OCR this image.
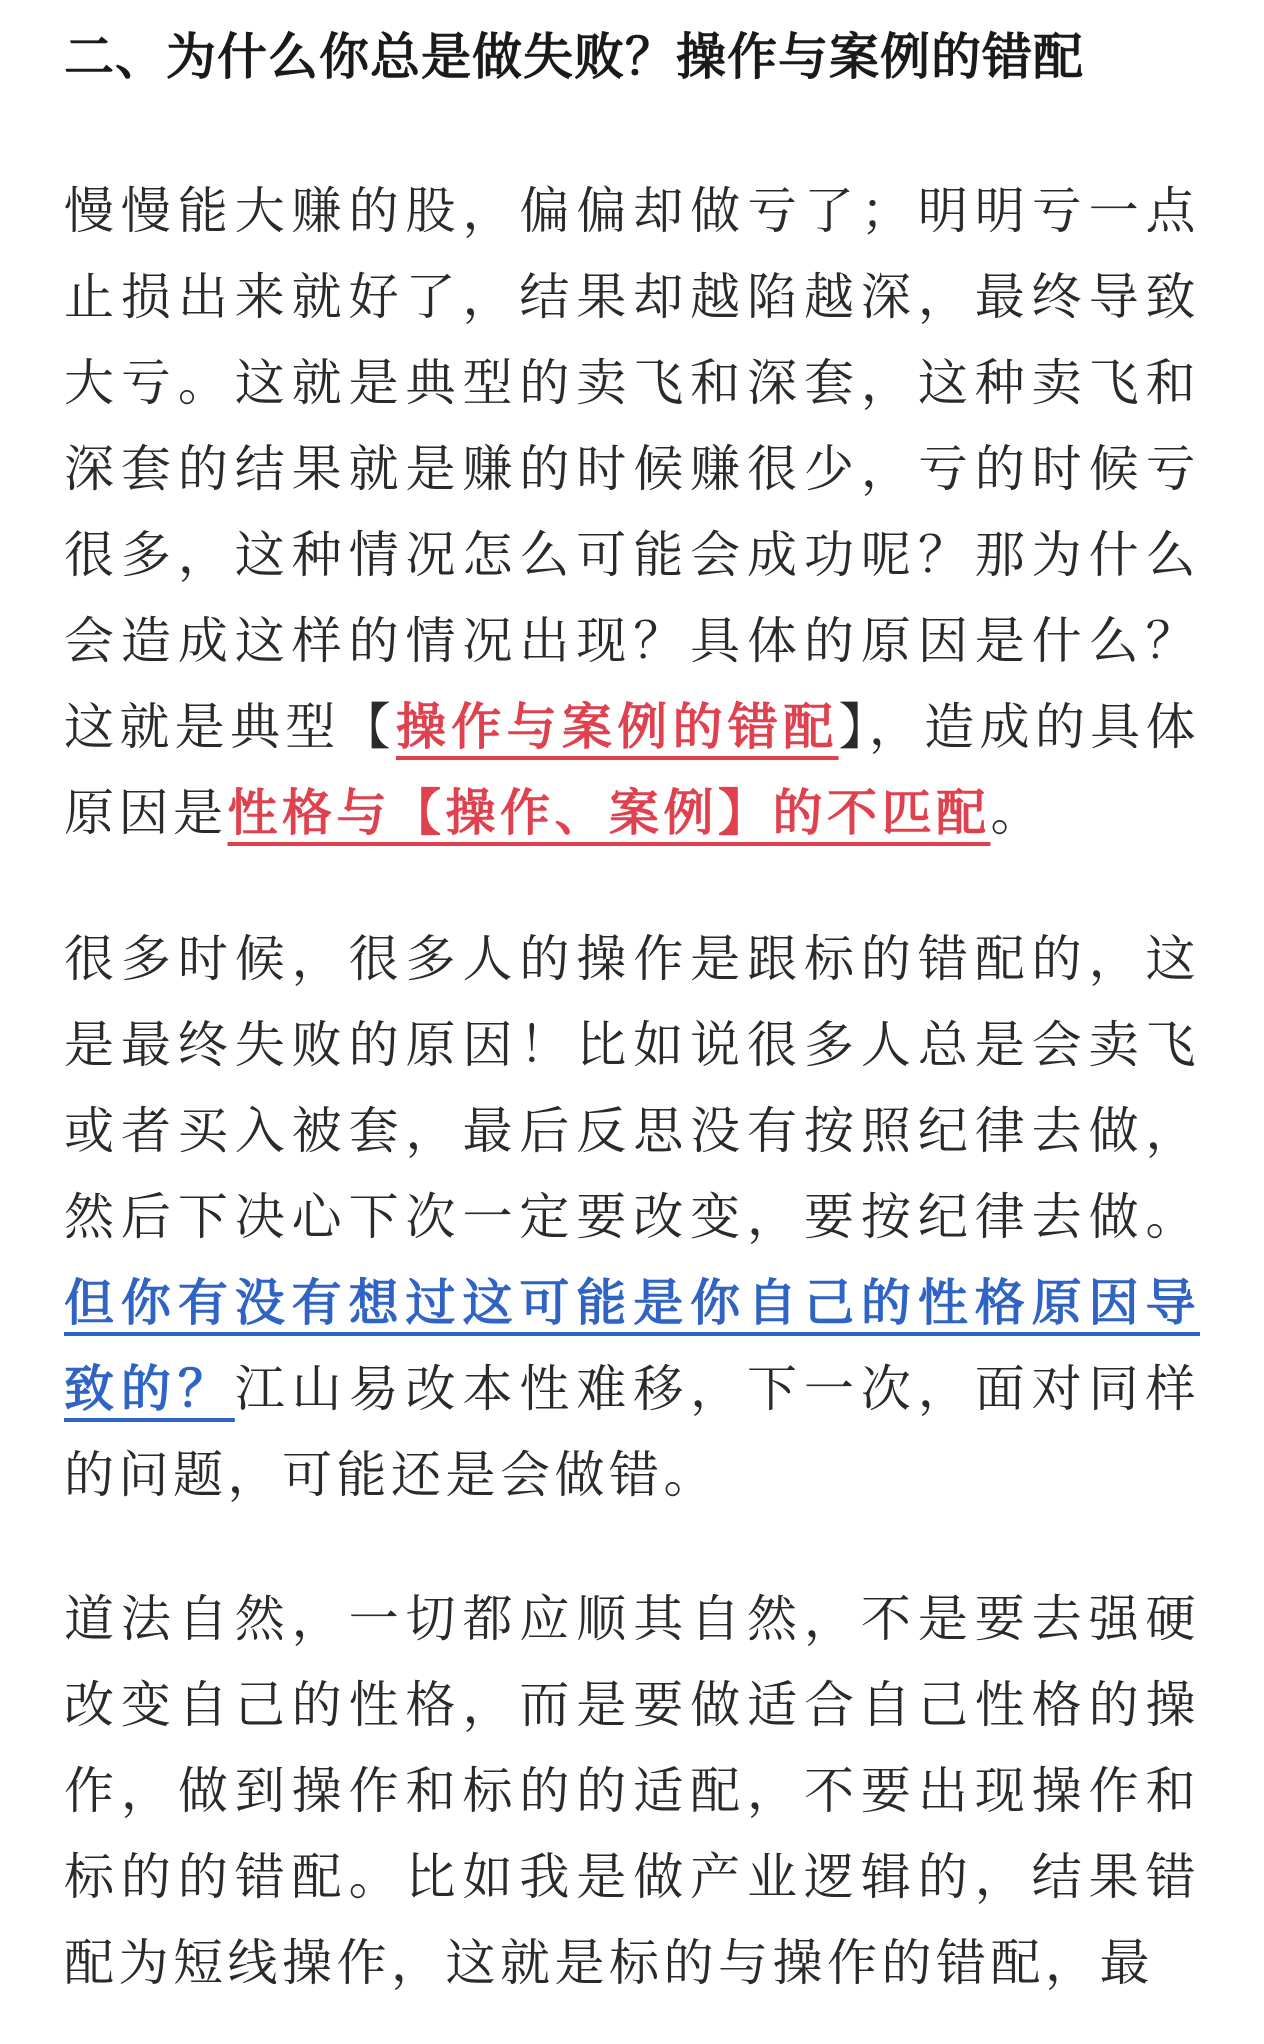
二、为什么你总是做失败？操作与案例的错配

慢慢能大赚的股，偏偏却做亏了；明明亏一点止损出来就好了，结果却越陷越深，最终导致大亏。这就是典型的卖飞和深套，这种卖飞和深套的结果就是赚的时候赚很少，亏的时候亏很多，这种情况怎么可能会成功呢？那为什么会造成这样的情况出现？具体的原因是什么？这就是典型【操作与案例的错配】，造成的具体原因是性格与【操作、案例】的不匹配。

很多时候，很多人的操作是跟标的错配的，这是最终失败的原因！比如说很多人总是会卖飞或者买入被套，最后反思没有按照纪律去做，然后下决心下次一定要改变，要按纪律去做。但你有没有想过这可能是你自己的性格原因导致的？江山易改本性难移，下一次，面对同样的问题，可能还是会做错。

道法自然，一切都应顺其自然，不是要去强硬改变自己的性格，而是要做适合自己性格的操作，做到操作和标的的适配，不要出现操作和标的的错配。比如我是做产业逻辑的，结果错配为短线操作，这就是标的与操作的错配，最
